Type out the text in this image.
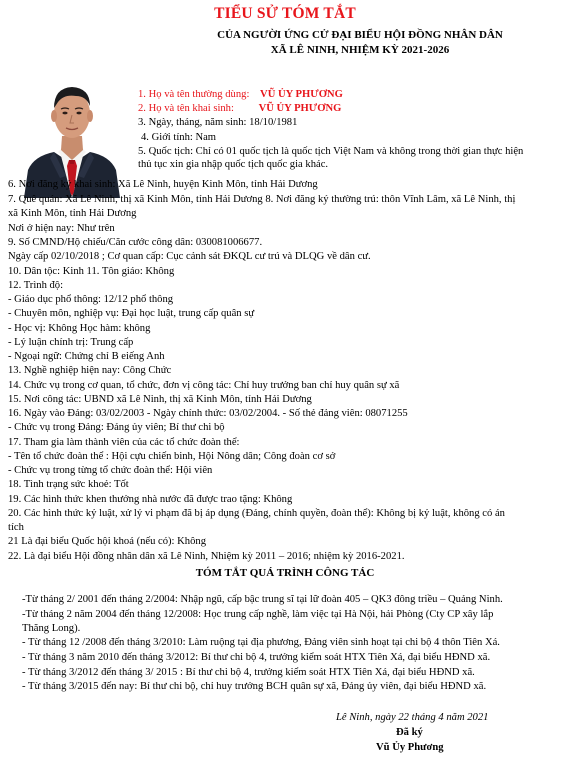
TIỂU SỬ TÓM TẮT
CỦA NGƯỜI ỨNG CỬ ĐẠI BIỂU HỘI ĐỒNG NHÂN DÂN
XÃ LÊ NINH, NHIỆM KỲ 2021-2026
1. Họ và tên thường dùng: VŨ ỦY PHƯƠNG
2. Họ và tên khai sinh: VŨ ỦY PHƯƠNG
3. Ngày, tháng, năm sinh: 18/10/1981
4. Giới tính: Nam
5. Quốc tịch: Chỉ có 01 quốc tịch là quốc tịch Việt Nam và không trong thời gian thực hiện
thủ tục xin gia nhập quốc tịch quốc gia khác.
6. Nơi đăng ký khai sinh: Xã Lê Ninh, huyện Kinh Môn, tỉnh Hải Dương
7. Quê quán: Xã Lê Ninh, thị xã Kinh Môn, tỉnh Hải Dương 8. Nơi đăng ký thường trú: thôn Vĩnh Lâm, xã Lê Ninh, thị
xã Kinh Môn, tỉnh Hải Dương
Nơi ở hiện nay: Như trên
9. Số CMND/Hộ chiếu/Căn cước công dân: 030081006677.
Ngày cấp 02/10/2018 ; Cơ quan cấp: Cục cảnh sát ĐKQL cư trú và DLQG về dân cư.
10. Dân tộc: Kinh 11. Tôn giáo: Không
12. Trình độ:
- Giáo dục phổ thông: 12/12 phổ thông
- Chuyên môn, nghiệp vụ: Đại học luật, trung cấp quân sự
- Học vị: Không Học hàm: không
- Lý luận chính trị: Trung cấp
- Ngoại ngữ: Chứng chỉ B eiếng Anh
13. Nghề nghiệp hiện nay: Công Chức
14. Chức vụ trong cơ quan, tổ chức, đơn vị công tác: Chỉ huy trưởng ban chỉ huy quân sự xã
15. Nơi công tác: UBND xã Lê Ninh, thị xã Kinh Môn, tỉnh Hải Dương
16. Ngày vào Đảng: 03/02/2003 - Ngày chính thức: 03/02/2004. - Số thẻ đảng viên: 08071255
- Chức vụ trong Đảng: Đảng ủy viên; Bí thư chi bộ
17. Tham gia làm thành viên của các tổ chức đoàn thể:
- Tên tổ chức đoàn thể : Hội cựu chiến binh, Hội Nông dân; Công đoàn cơ sở
- Chức vụ trong từng tổ chức đoàn thể: Hội viên
18. Tình trạng sức khoẻ: Tốt
19. Các hình thức khen thưởng nhà nước đã được trao tặng: Không
20. Các hình thức kỷ luật, xử lý vi phạm đã bị áp dụng (Đảng, chính quyền, đoàn thể): Không bị kỷ luật, không có án
tích
21 Là đại biểu Quốc hội khoá (nếu có): Không
22. Là đại biểu Hội đồng nhân dân xã Lê Ninh, Nhiệm kỳ 2011 – 2016; nhiệm kỳ 2016-2021.
TÓM TẮT QUÁ TRÌNH CÔNG TÁC
-Từ tháng 2/ 2001 đến tháng 2/2004: Nhập ngũ, cấp bậc trung sĩ tại lữ đoàn 405 – QK3 đông triều – Quảng Ninh.
-Từ tháng 2 năm 2004 đến tháng 12/2008: Học trung cấp nghề, làm việc tại Hà Nội, hải Phòng (Cty CP xây lắp
Thăng Long).
- Từ tháng 12 /2008 đến tháng 3/2010: Làm ruộng tại địa phương, Đảng viên sinh hoạt tại chi bộ 4 thôn Tiên Xá.
- Từ tháng 3 năm 2010 đến tháng 3/2012: Bí thư chi bộ 4, trưởng kiểm soát HTX Tiên Xá, đại biểu HĐND xã.
- Từ tháng 3/2012 đến tháng 3/ 2015 : Bí thư chi bộ 4, trưởng kiểm soát HTX Tiên Xá, đại biểu HĐND xã.
- Từ tháng 3/2015 đến nay: Bí thư chi bộ, chỉ huy trưởng BCH quân sự xã, Đảng ủy viên, đại biểu HĐND xã.
Lê Ninh, ngày 22 tháng 4 năm 2021
Đã ký
Vũ Ủy Phương
